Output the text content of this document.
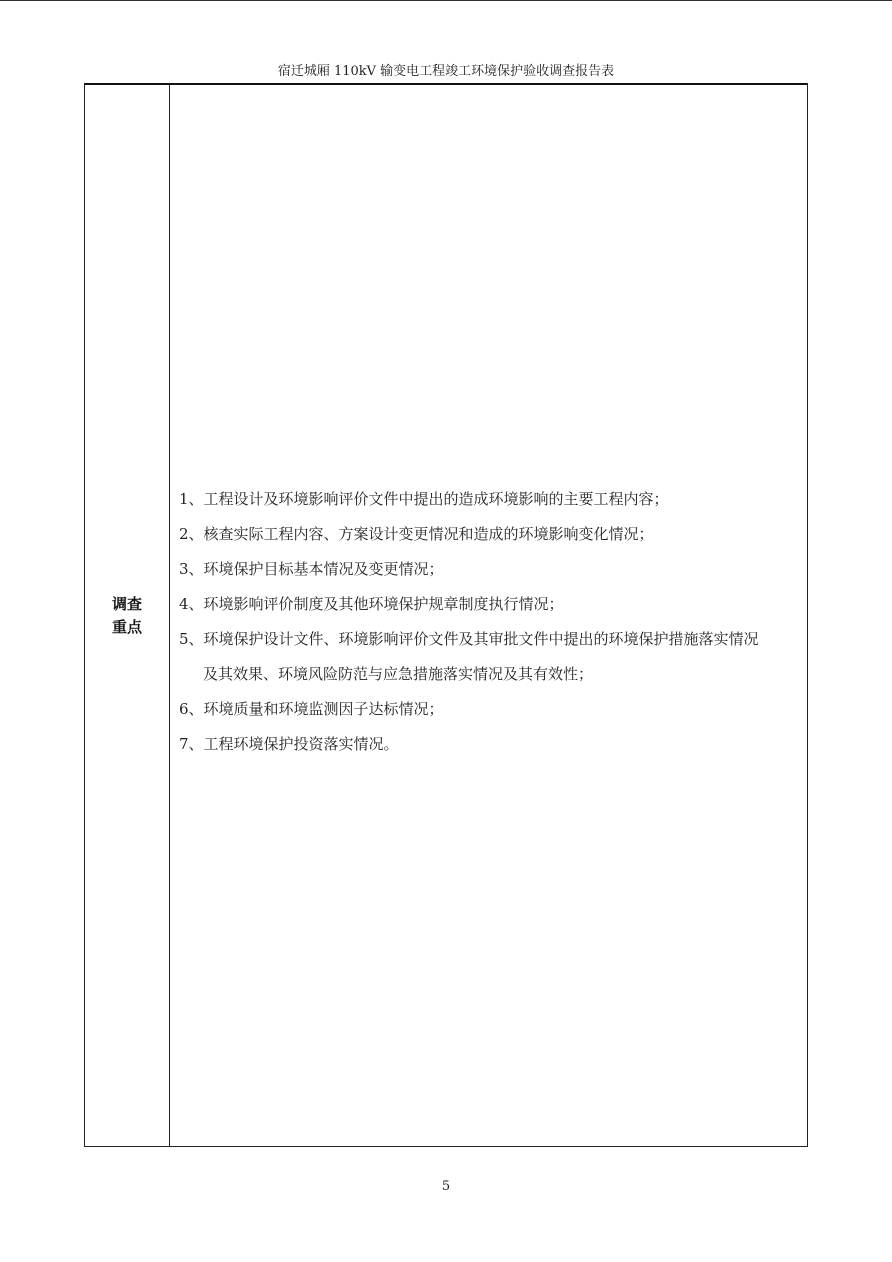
宿迁城厢 110kV 输变电工程竣工环境保护验收调查报告表
调查
重点
1、工程设计及环境影响评价文件中提出的造成环境影响的主要工程内容；
2、核查实际工程内容、方案设计变更情况和造成的环境影响变化情况；
3、环境保护目标基本情况及变更情况；
4、环境影响评价制度及其他环境保护规章制度执行情况；
5、环境保护设计文件、环境影响评价文件及其审批文件中提出的环境保护措施落实情况
及其效果、环境风险防范与应急措施落实情况及其有效性；
6、环境质量和环境监测因子达标情况；
7、工程环境保护投资落实情况。
5
